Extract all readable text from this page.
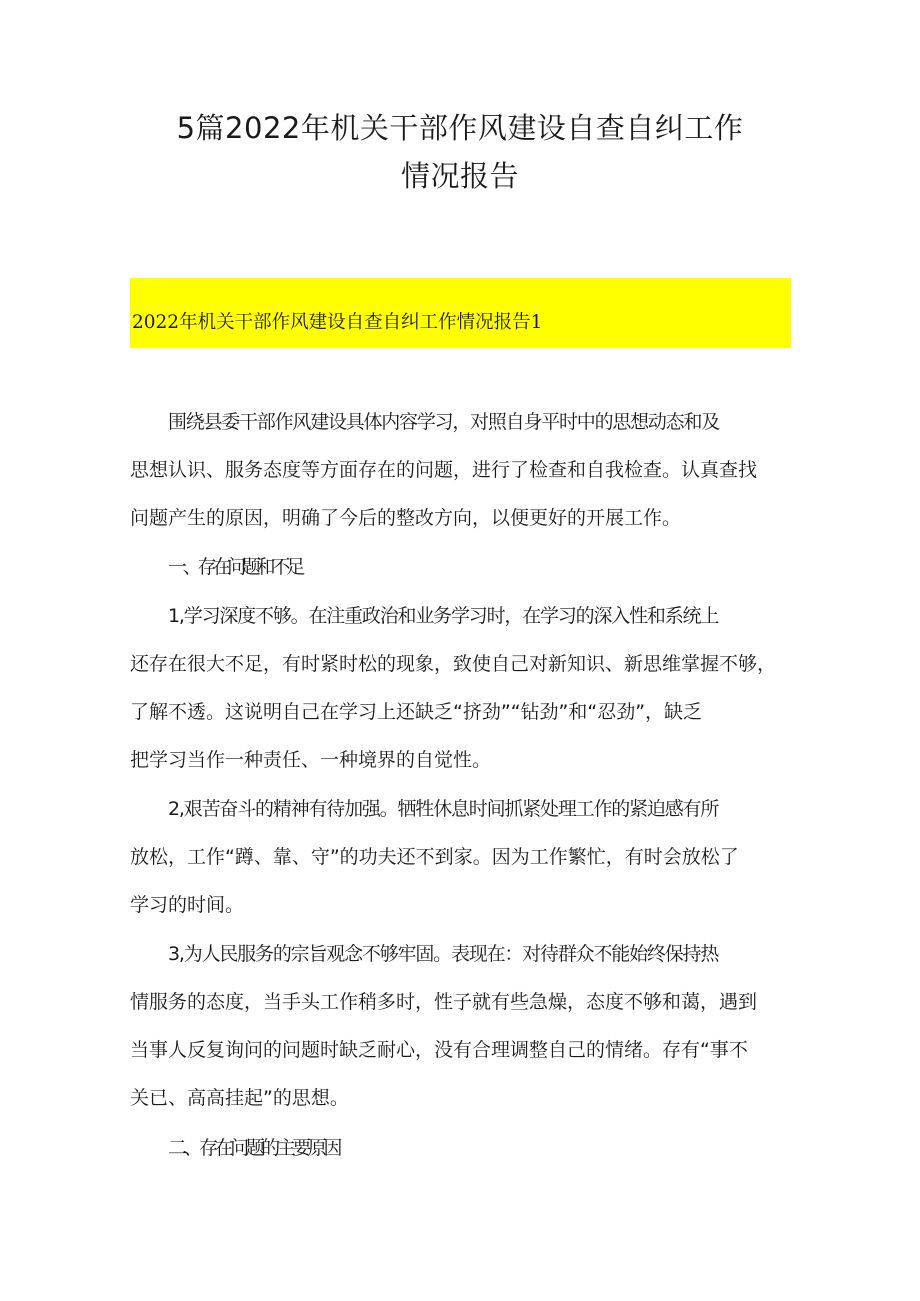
5篇2022年机关干部作风建设自查自纠工作
情况报告
2022年机关干部作风建设自查自纠工作情况报告1

围绕县委干部作风建设具体内容学习，对照自身平时中的思想动态和及
思想认识、服务态度等方面存在的问题，进行了检查和自我检查。认真查找
问题产生的原因，明确了今后的整改方向，以便更好的开展工作。

一、存在问题和不足

1,学习深度不够。在注重政治和业务学习时，在学习的深入性和系统上
还存在很大不足，有时紧时松的现象，致使自己对新知识、新思维掌握不够，
了解不透。这说明自己在学习上还缺乏“挤劲”“钻劲”和“忍劲”，缺乏
把学习当作一种责任、一种境界的自觉性。

2,艰苦奋斗的精神有待加强。牺牲休息时间抓紧处理工作的紧迫感有所
放松，工作“蹲、靠、守”的功夫还不到家。因为工作繁忙，有时会放松了
学习的时间。

3,为人民服务的宗旨观念不够牢固。表现在：对待群众不能始终保持热
情服务的态度，当手头工作稍多时，性子就有些急燥，态度不够和蔼，遇到
当事人反复询问的问题时缺乏耐心，没有合理调整自己的情绪。存有“事不
关已、高高挂起”的思想。

二、存在问题的主要原因
